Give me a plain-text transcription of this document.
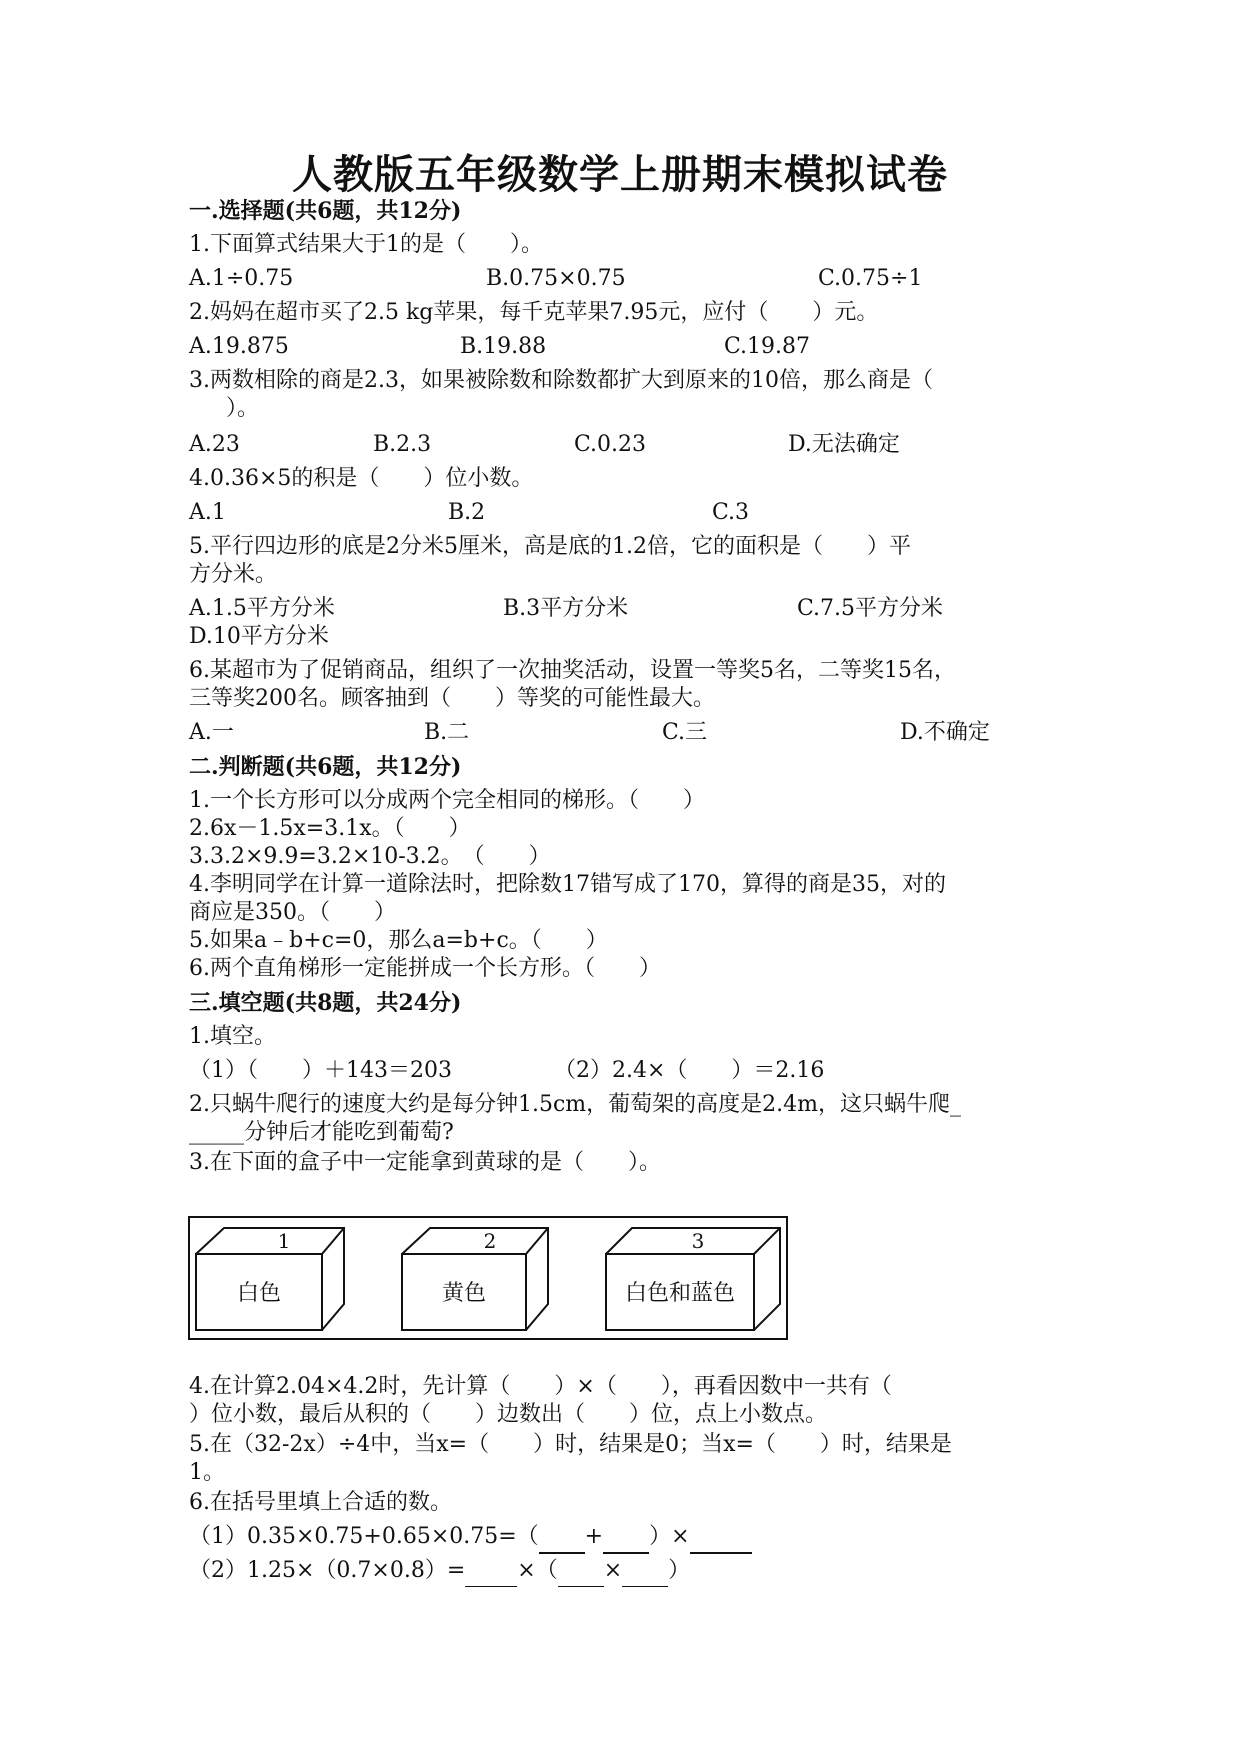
人教版五年级数学上册期末模拟试卷
一.选择题(共6题，共12分)
1.下面算式结果大于1的是（　　）。
A.1÷0.75	B.0.75×0.75	C.0.75÷1
2.妈妈在超市买了2.5 kg苹果，每千克苹果7.95元，应付（　　）元。
A.19.875	B.19.88	C.19.87
3.两数相除的商是2.3，如果被除数和除数都扩大到原来的10倍，那么商是（
）。
A.23	B.2.3	C.0.23	D.无法确定
4.0.36×5的积是（　　）位小数。
A.1	B.2	C.3
5.平行四边形的底是2分米5厘米，高是底的1.2倍，它的面积是（　　）平
方分米。
A.1.5平方分米	B.3平方分米	C.7.5平方分米
D.10平方分米
6.某超市为了促销商品，组织了一次抽奖活动，设置一等奖5名，二等奖15名，
三等奖200名。顾客抽到（　　）等奖的可能性最大。
A.一	B.二	C.三	D.不确定
二.判断题(共6题，共12分)
1.一个长方形可以分成两个完全相同的梯形。（　　）
2.6x－1.5x=3.1x。（　　）
3.3.2×9.9=3.2×10-3.2。　（　　）
4.李明同学在计算一道除法时，把除数17错写成了170，算得的商是35，对的
商应是350。（　　）
5.如果a﹣b+c=0，那么a=b+c。（　　）
6.两个直角梯形一定能拼成一个长方形。（　　）
三.填空题(共8题，共24分)
1.填空。
（1）（　　）＋143＝203	（2）2.4×（　　）＝2.16
2.只蜗牛爬行的速度大约是每分钟1.5cm，葡萄架的高度是2.4m，这只蜗牛爬_
_____分钟后才能吃到葡萄?
3.在下面的盒子中一定能拿到黄球的是（　　）。
1	2	3
白色	黄色	白色和蓝色
4.在计算2.04×4.2时，先计算（　　）×（　　），再看因数中一共有（
）位小数，最后从积的（　　）边数出（　　）位，点上小数点。
5.在（32-2x）÷4中，当x=（　　）时，结果是0；当x=（　　）时，结果是
1。
6.在括号里填上合适的数。
（1）0.35×0.75+0.65×0.75=（ + ）×
（2）1.25×（0.7×0.8）= ×（ × ）
